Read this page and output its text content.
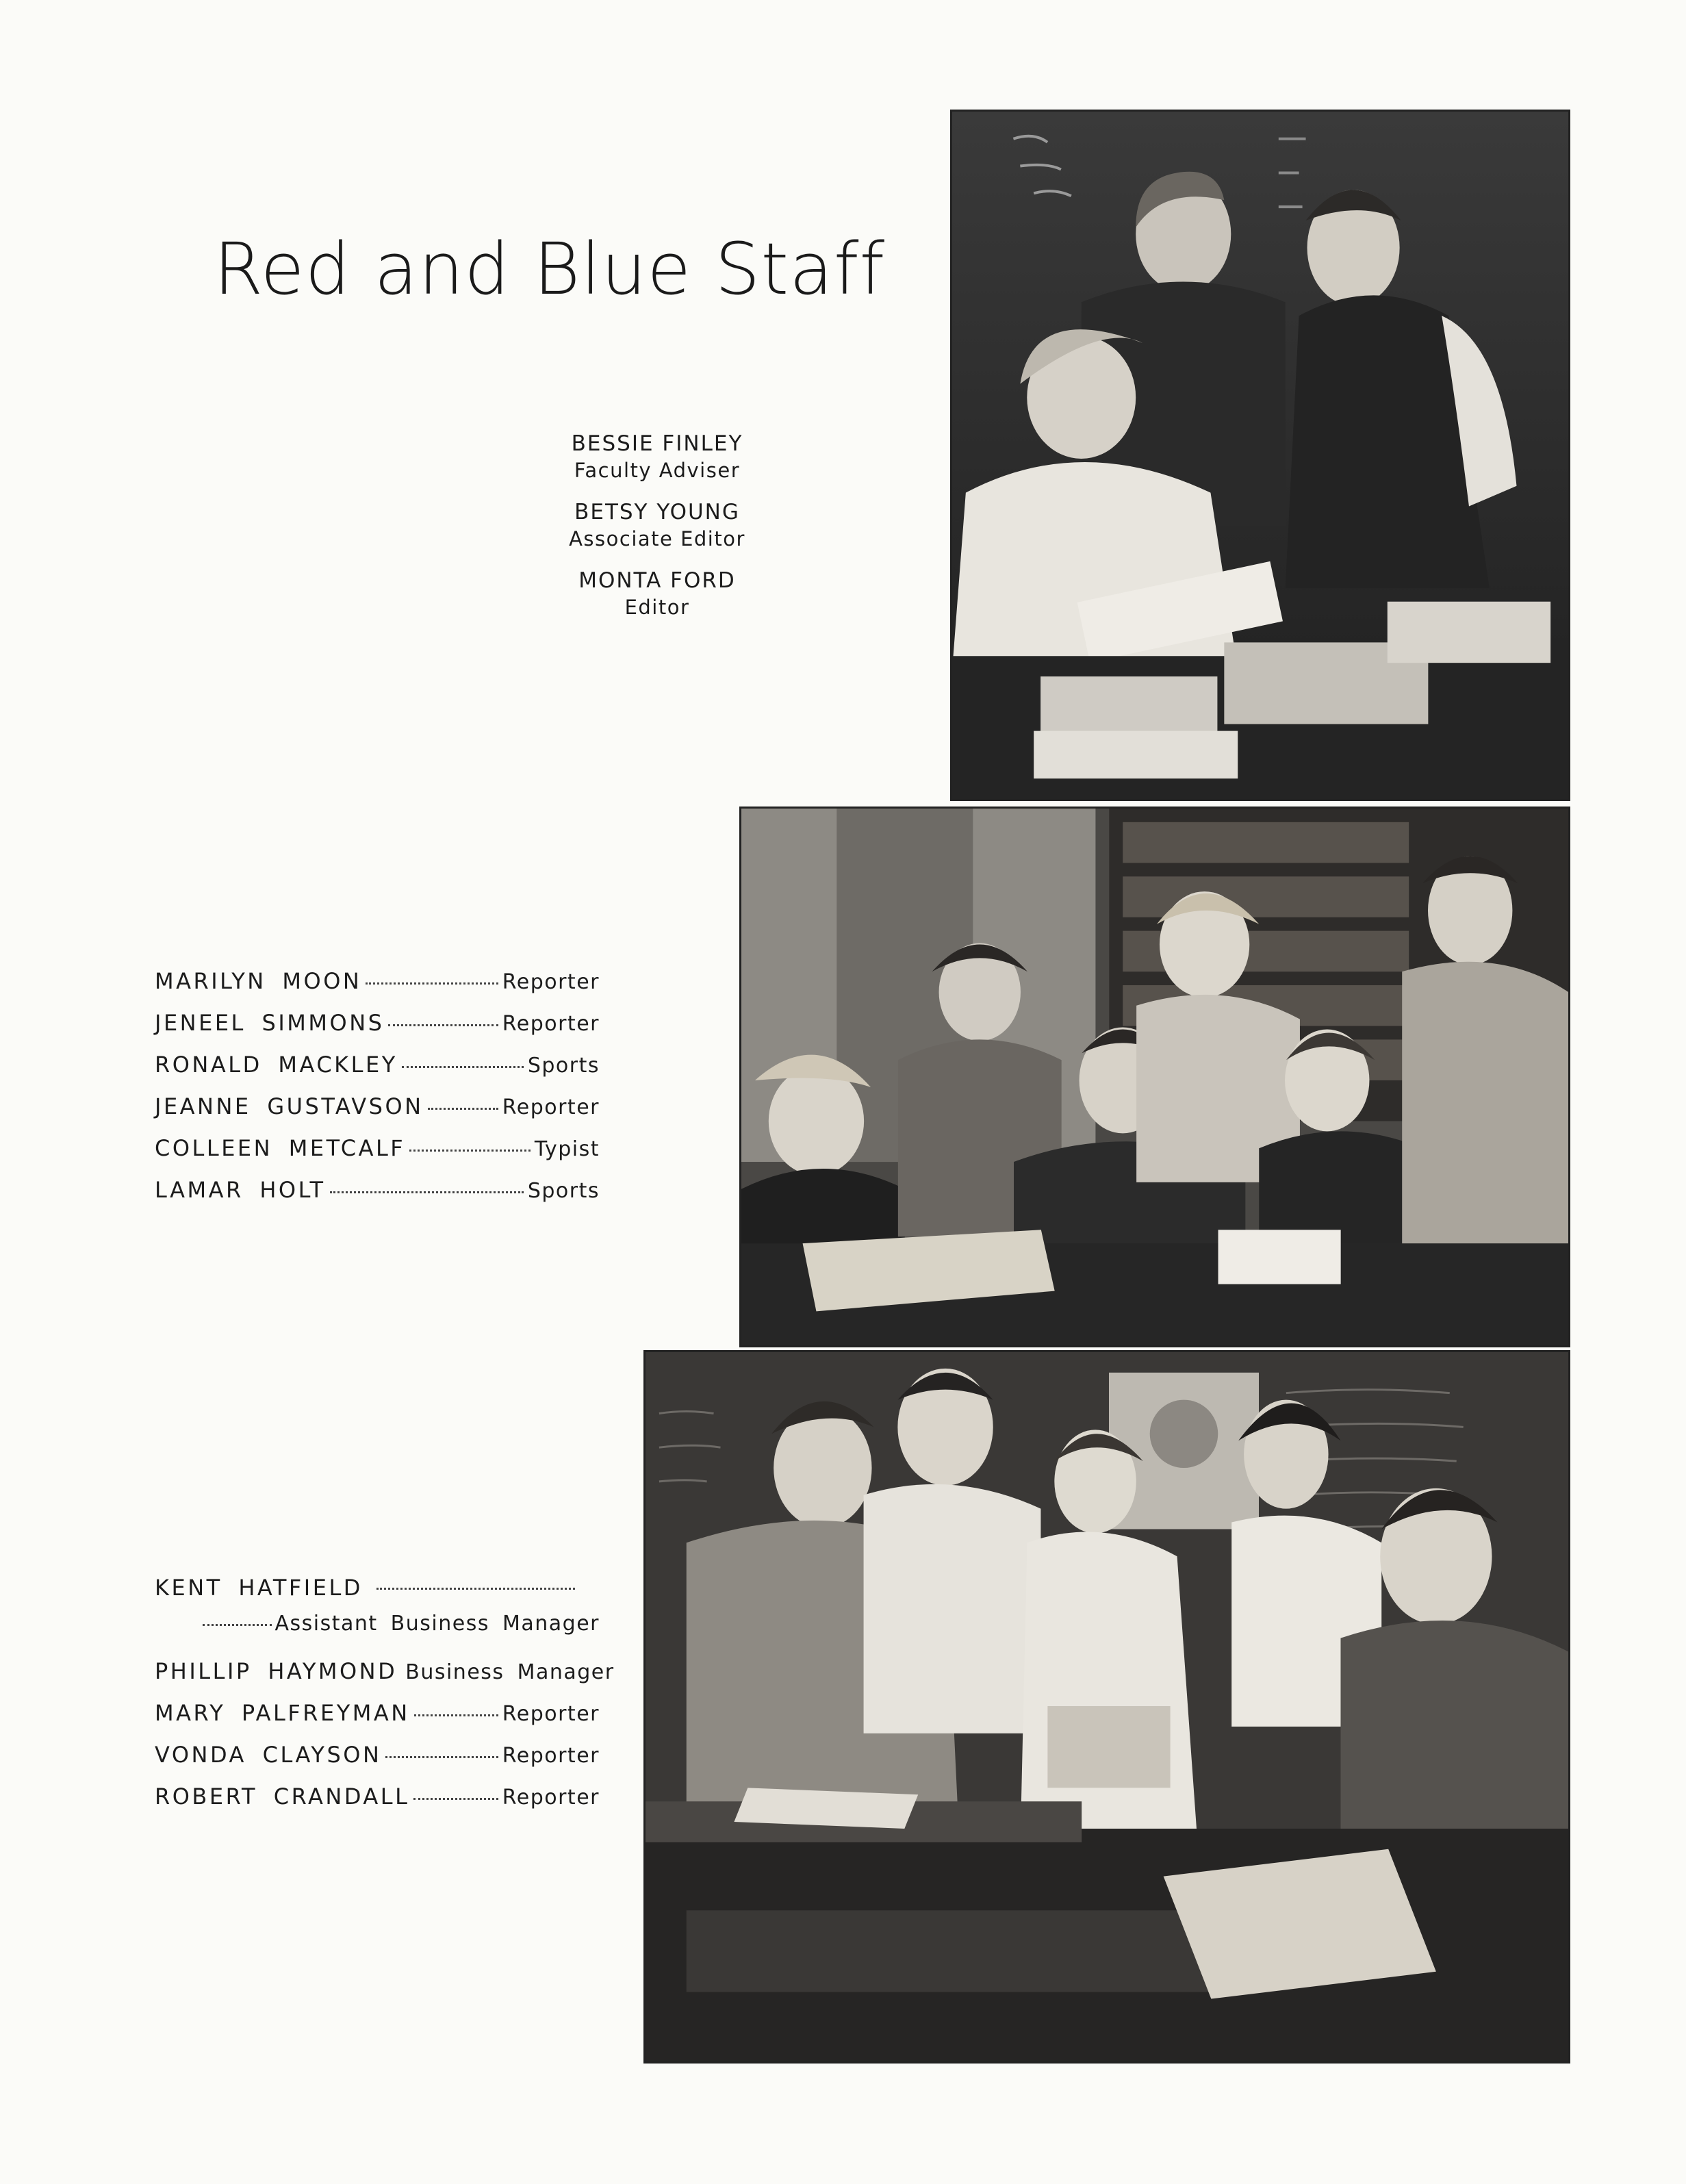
Red and Blue Staff
BESSIE FINLEY
Faculty Adviser
BETSY YOUNG
Associate Editor
MONTA FORD
Editor
MARILYN MOON	Reporter
JENEEL SIMMONS	Reporter
RONALD MACKLEY	Sports
JEANNE GUSTAVSON	Reporter
COLLEEN METCALF	Typist
LAMAR HOLT	Sports
KENT HATFIELD
Assistant Business Manager
PHILLIP HAYMOND Business Manager
MARY PALFREYMAN	Reporter
VONDA CLAYSON	Reporter
ROBERT CRANDALL	Reporter
